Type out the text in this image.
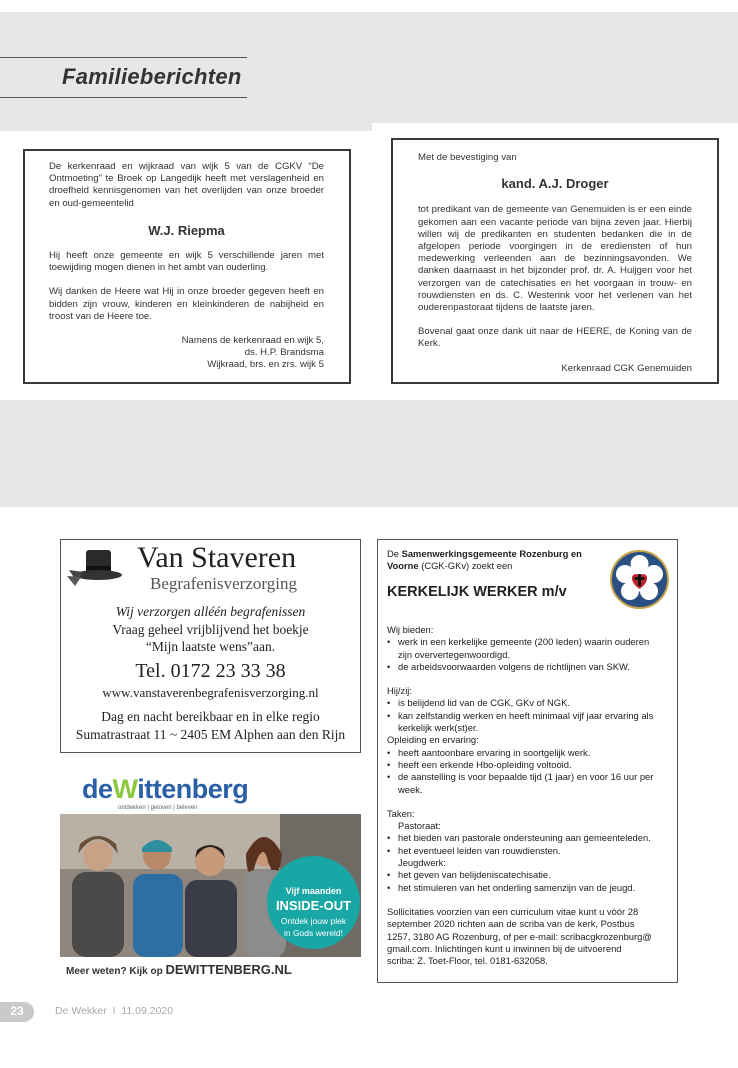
Familieberichten

De kerkenraad en wijkraad van wijk 5 van de CGKV “De Ontmoeting” te Broek op Langedijk heeft met verslagenheid en droefheid kennisgenomen van het overlijden van onze broeder en oud-gemeentelid

W.J. Riepma

Hij heeft onze gemeente en wijk 5 verschillende jaren met toewijding mogen dienen in het ambt van ouderling.

Wij danken de Heere wat Hij in onze broeder gegeven heeft en bidden zijn vrouw, kinderen en kleinkinderen de nabijheid en troost van de Heere toe.

Namens de kerkenraad en wijk 5,
ds. H.P. Brandsma
Wijkraad, brs. en zrs. wijk 5

Met de bevestiging van

kand. A.J. Droger

tot predikant van de gemeente van Genemuiden is er een einde gekomen aan een vacante periode van bijna zeven jaar. Hierbij willen wij de predikanten en studenten bedanken die in de afgelopen periode voorgingen in de erediensten of hun medewerking verleenden aan de bezinningsavonden. We danken daarnaast in het bijzonder prof. dr. A. Huijgen voor het verzorgen van de catechisaties en het voorgaan in trouw- en rouwdiensten en ds. C. Westerink voor het verlenen van het ouderenpastoraat tijdens de laatste jaren.

Bovenal gaat onze dank uit naar de HEERE, de Koning van de Kerk.

Kerkenraad CGK Genemuiden
Van Staveren
Begrafenisverzorging
Wij verzorgen alléén begrafenissen
Vraag geheel vrijblijvend het boekje
“Mijn laatste wens”aan.
Tel. 0172 23 33 38
www.vanstaverenbegrafenisverzorging.nl
Dag en nacht bereikbaar en in elke regio
Sumatrastraat 11 ~ 2405 EM Alphen aan den Rijn
deWittenberg
ontdekken | geloven | beleven
Vijf maanden
INSIDE-OUT
Ontdek jouw plek
in Gods wereld!
Meer weten? Kijk op DEWITTENBERG.NL
De Samenwerkingsgemeente Rozenburg en Voorne (CGK-GKv) zoekt een
KERKELIJK WERKER m/v
Wij bieden:
• werk in een kerkelijke gemeente (200 leden) waarin ouderen
zijn oververtegenwoordigd.
• de arbeidsvoorwaarden volgens de richtlijnen van SKW.
Hij/zij:
• is belijdend lid van de CGK, GKv of NGK.
• kan zelfstandig werken en heeft minimaal vijf jaar ervaring als
kerkelijk werk(st)er.
Opleiding en ervaring:
• heeft aantoonbare ervaring in soortgelijk werk.
• heeft een erkende Hbo-opleiding voltooid.
• de aanstelling is voor bepaalde tijd (1 jaar) en voor 16 uur per
week.
Taken:
Pastoraat:
• het bieden van pastorale ondersteuning aan gemeenteleden.
• het eventueel leiden van rouwdiensten.
Jeugdwerk:
• het geven van belijdeniscatechisatie.
• het stimuleren van het onderling samenzijn van de jeugd.
Sollicitaties voorzien van een curriculum vitae kunt u vóór 28
september 2020 richten aan de scriba van de kerk, Postbus
1257, 3180 AG Rozenburg, of per e-mail: scribacgkrozenburg@
gmail.com. Inlichtingen kunt u inwinnen bij de uitvoerend
scriba: Z. Toet-Floor, tel. 0181-632058.
23	De Wekker  I  11.09.2020
